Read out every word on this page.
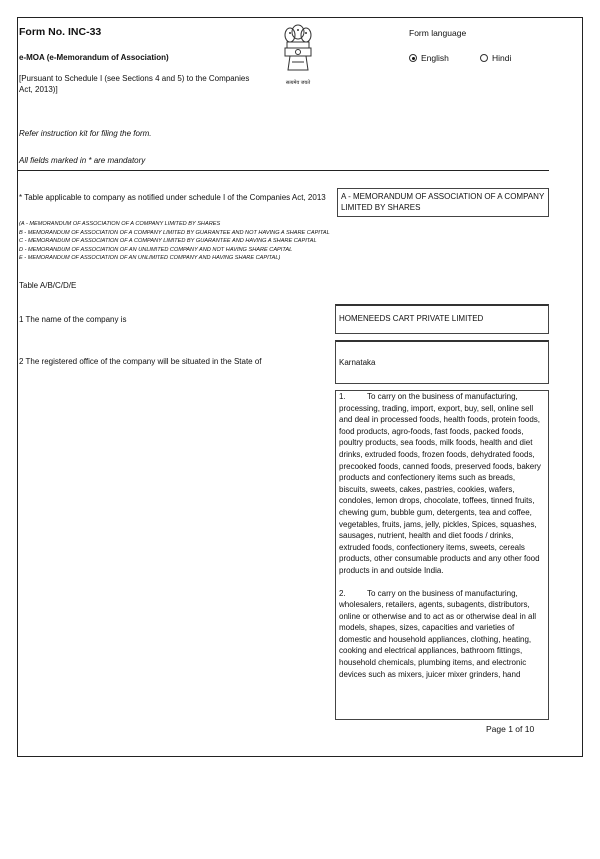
Form No. INC-33
e-MOA (e-Memorandum of Association)
[Pursuant to Schedule I (see Sections 4 and 5) to the Companies Act, 2013)]
सत्यमेव जयते
Form language
English	Hindi
Refer instruction kit for filing the form.
All fields marked in * are mandatory
* Table applicable to company as notified under schedule I of the Companies Act, 2013	A - MEMORANDUM OF ASSOCIATION OF A COMPANY LIMITED BY SHARES
(A - MEMORANDUM OF ASSOCIATION OF A COMPANY LIMITED BY SHARES
B - MEMORANDUM OF ASSOCIATION OF A COMPANY LIMITED BY GUARANTEE AND NOT HAVING A SHARE CAPITAL
C - MEMORANDUM OF ASSOCIATION OF A COMPANY LIMITED BY GUARANTEE AND HAVING A SHARE CAPITAL
D - MEMORANDUM OF ASSOCIATION OF AN UNLIMITED COMPANY AND NOT HAVING SHARE CAPITAL
E - MEMORANDUM OF ASSOCIATION OF AN UNLIMITED COMPANY AND HAVING SHARE CAPITAL)
Table A/B/C/D/E
1 The name of the company is	HOMENEEDS CART PRIVATE LIMITED
2 The registered office of the company will be situated in the State of	Karnataka

1.	To carry on the business of manufacturing, processing, trading, import, export, buy, sell, online sell and deal in processed foods, health foods, protein foods, food products, agro-foods, fast foods, packed foods, poultry products, sea foods, milk foods, health and diet drinks, extruded foods, frozen foods, dehydrated foods, precooked foods, canned foods, preserved foods, bakery products and confectionery items such as breads, biscuits, sweets, cakes, pastries, cookies, wafers, condoles, lemon drops, chocolate, toffees, tinned fruits, chewing gum, bubble gum, detergents, tea and coffee, vegetables, fruits, jams, jelly, pickles, Spices, squashes, sausages, nutrient, health and diet foods / drinks, extruded foods, confectionery items, sweets, cereals products, other consumable products and any other food products in and outside India.

2.	To carry on the business of manufacturing, wholesalers, retailers, agents, subagents, distributors, online or otherwise and to act as or otherwise deal in all models, shapes, sizes, capacities and varieties of domestic and household appliances, clothing, heating, cooking and electrical appliances, bathroom fittings, household chemicals, plumbing items, and electronic devices such as mixers, juicer mixer grinders, hand

Page 1 of 10
